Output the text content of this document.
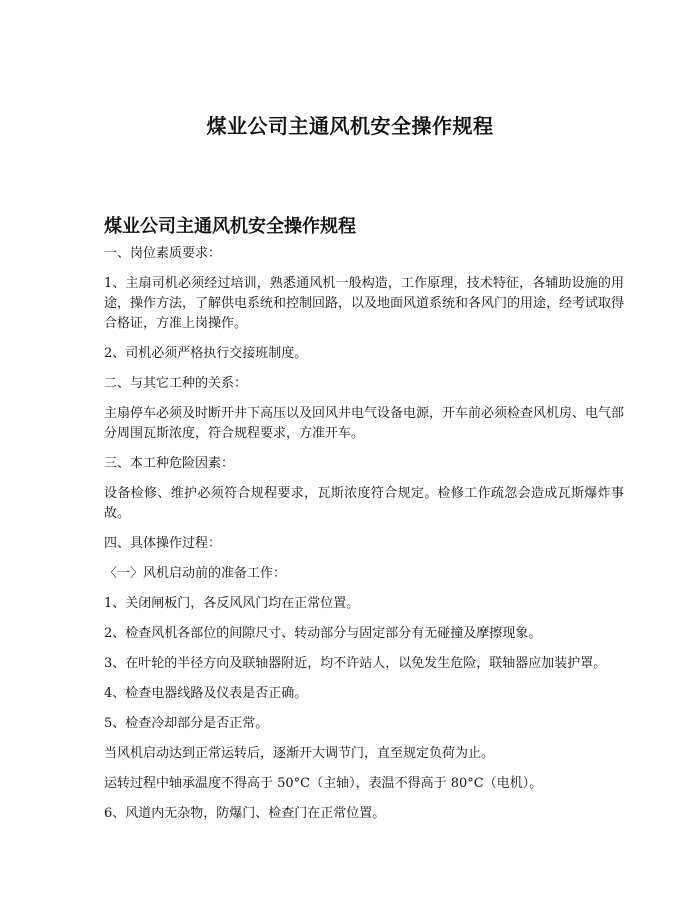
煤业公司主通风机安全操作规程
煤业公司主通风机安全操作规程

一、岗位素质要求：

1、主扇司机必须经过培训，熟悉通风机一般构造，工作原理，技术特征，各辅助设施的用途，操作方法，了解供电系统和控制回路，以及地面风道系统和各风门的用途，经考试取得合格证，方准上岗操作。

2、司机必须严格执行交接班制度。

二、与其它工种的关系：

主扇停车必须及时断开井下高压以及回风井电气设备电源，开车前必须检查风机房、电气部分周围瓦斯浓度，符合规程要求，方准开车。

三、本工种危险因素：

设备检修、维护必须符合规程要求，瓦斯浓度符合规定。检修工作疏忽会造成瓦斯爆炸事故。

四、具体操作过程：

〈一〉风机启动前的准备工作：

1、关闭闸板门，各反风风门均在正常位置。

2、检查风机各部位的间隙尺寸、转动部分与固定部分有无碰撞及摩擦现象。

3、在叶轮的半径方向及联轴器附近，均不许站人，以免发生危险，联轴器应加装护罩。

4、检查电器线路及仪表是否正确。

5、检查冷却部分是否正常。

当风机启动达到正常运转后，逐渐开大调节门，直至规定负荷为止。

运转过程中轴承温度不得高于 50°C（主轴），表温不得高于 80°C（电机）。

6、风道内无杂物，防爆门、检查门在正常位置。
